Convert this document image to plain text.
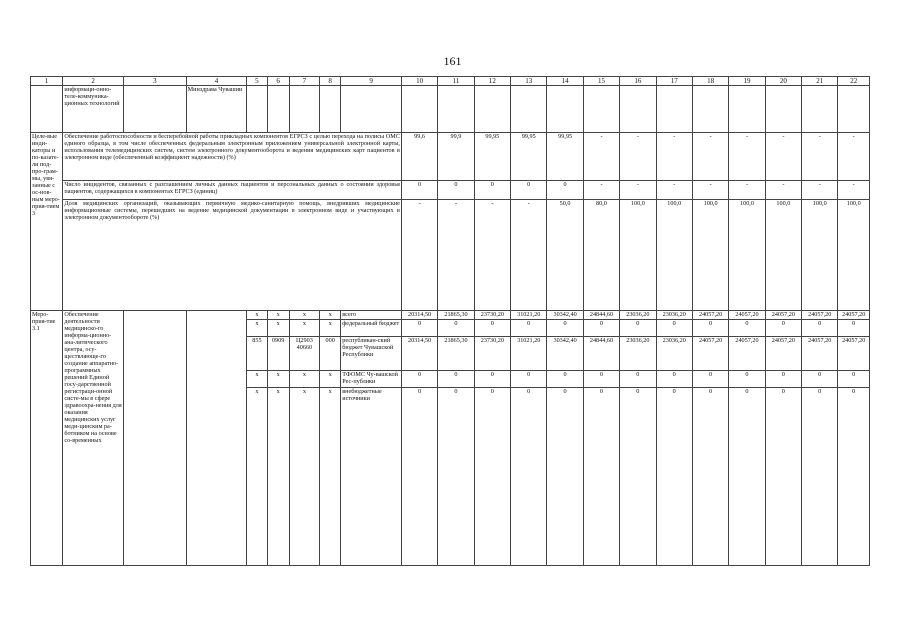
161
1	2	3	4	5	6	7	8	9	10	11	12	13	14	15	16	17	18	19	20	21	22
	информаци-онно-теле-коммуника-ционных технологий		Минздрава Чувашии																		
Целе-вые инди-каторы и по-казате-ли под-про-грам-мы, увя-занные с ос-нов-ным меро-прия-тием 3	Обеспечение работоспособности и бесперебойной работы прикладных компонентов ЕГРСЗ с целью перехода на полисы ОМС единого образца, в том числе обеспеченных федеральным электронным приложением универсальной электронной карты, использования телемедицинских систем, систем электронного документооборота и ведения медицинских карт пациентов в электронном виде (обеспеченный коэффициент надежности) (%)								99,6	99,9	99,95	99,95	99,95	-	-	-	-	-	-	-	-
	Число инцидентов, связанных с разглашением личных данных пациентов и персональных данных о состоянии здоровья пациентов, содержащихся в компонентах ЕГРСЗ (единиц)								0	0	0	0	0	-	-	-	-	-	-	-	-
	Доля медицинских организаций, оказывающих первичную медико-санитарную помощь, внедривших медицинские информационные системы, перешедших на ведение медицинской документации в электронном виде и участвующих в электронном документообороте (%)								-	-	-	-	50,0	80,0	100,0	100,0	100,0	100,0	100,0	100,0	100,0
Меро-прия-тие 3.1	Обеспечение деятельности медицинско-го информа-ционно-ана-литического центра, осу-ществляюще-го создание аппаратно-программных решений Единой госу-дарственной регистраци-онной систе-мы в сфере здравоохра-нения для оказания медицинских услуг меди-цинским ра-ботником на основе со-временных			x	x	x	x	всего	20314,50	21865,30	23730,20	31021,20	30342,40	24844,60	23036,20	23036,20	24057,20	24057,20	24057,20	24057,20	24057,20
				x	x	x	x	федеральный бюджет	0	0	0	0	0	0	0	0	0	0	0	0	0
				855	0909	Ц2903 40660	000	республикан-ский бюджет Чувашской Республики	20314,50	21865,30	23730,20	31021,20	30342,40	24844,60	23036,20	23036,20	24057,20	24057,20	24057,20	24057,20	24057,20
				x	x	x	x	ТФОМС Чу-вашской Рес-публики	0	0	0	0	0	0	0	0	0	0	0	0	0
				x	x	x	x	внебюджетные источники	0	0	0	0	0	0	0	0	0	0	0	0	0
